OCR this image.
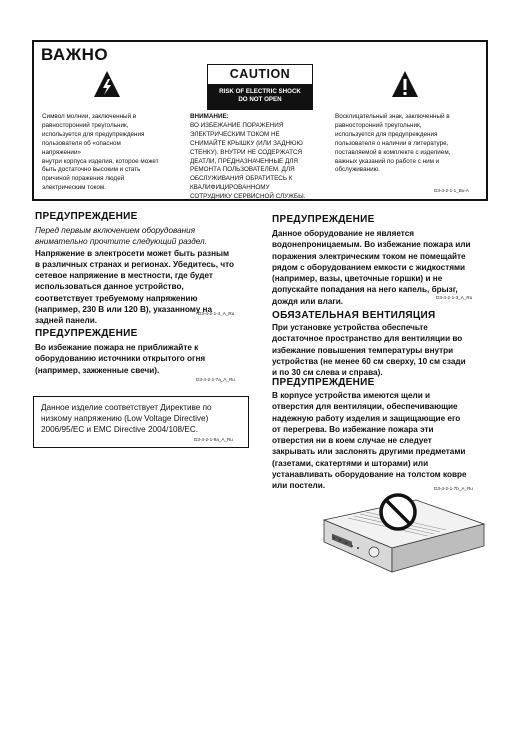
ВАЖНО
CAUTION
RISK OF ELECTRIC SHOCK
DO NOT OPEN
Символ молнии, заключенный в
равносторонний треугольник,
используется для предупреждения
пользователя об «опасном напряжении»
внутри корпуса изделия, которое может
быть достаточно высоким и стать
причиной поражения людей
электрическим током.
ВНИМАНИЕ:
ВО ИЗБЕЖАНИЕ ПОРАЖЕНИЯ
ЭЛЕКТРИЧЕСКИМ ТОКОМ НЕ
СНИМАЙТЕ КРЫШКУ (ИЛИ ЗАДНЮЮ
СТЕНКУ). ВНУТРИ НЕ СОДЕРЖАТСЯ
ДЕАТЛИ, ПРЕДНАЗНАЧЕННЫЕ ДЛЯ
РЕМОНТА ПОЛЬЗОВАТЕЛЕМ. ДЛЯ
ОБСЛУЖИВАНИЯ ОБРАТИТЕСЬ К
КВАЛИФИЦИРОВАННОМУ
СОТРУДНИКУ СЕРВИСНОЙ СЛУЖБЫ.
Восклицательный знак, заключенный в
равносторонний треугольник,
используется для предупреждения
пользователя о наличии в литературе,
поставляемой в комплекте с изделием,
важных указаний по работе с ним и
обслуживанию.
D3-4-2-1-1_Bu-A
ПРЕДУПРЕЖДЕНИЕ
Перед первым включением оборудования
внимательно прочтите следующий раздел.
Напряжение в электросети может быть разным
в различных странах и регионах. Убедитесь, что
сетевое напряжение в местности, где будет
использоваться данное устройство,
соответствует требуемому напряжению
(например, 230 В или 120 В), указанному на
задней панели.
D3-4-2-1-4_A_Ru
ПРЕДУПРЕЖДЕНИЕ
Во избежание пожара не приближайте к
оборудованию источники открытого огня
(например, зажженные свечи).
D3-4-2-1-7a_A_Ru
Данное изделие соответствует Директиве по
низкому напряжению (Low Voltage Directive)
2006/95/EC и EMC Directive 2004/108/EC.
D3-4-2-1-9a_A_Ru
ПРЕДУПРЕЖДЕНИЕ
Данное оборудование не является
водонепроницаемым. Во избежание пожара или
поражения электрическим током не помещайте
рядом с оборудованием емкости с жидкостями
(например, вазы, цветочные горшки) и не
допускайте попадания на него капель, брызг,
дождя или влаги.	D3-4-2-1-3_A_Ru
ОБЯЗАТЕЛЬНАЯ ВЕНТИЛЯЦИЯ
При установке устройства обеспечьте
достаточное пространство для вентиляции во
избежание повышения температуры внутри
устройства (не менее 60 см сверху, 10 см сзади
и по 30 см слева и справа).
ПРЕДУПРЕЖДЕНИЕ
В корпусе устройства имеются щели и
отверстия для вентиляции, обеспечивающие
надежную работу изделия и защищающие его
от перегрева. Во избежание пожара эти
отверстия ни в коем случае не следует
закрывать или заслонять другими предметами
(газетами, скатертями и шторами) или
устанавливать оборудование на толстом ковре
или постели.	D3-4-2-1-7b_A_Ru
